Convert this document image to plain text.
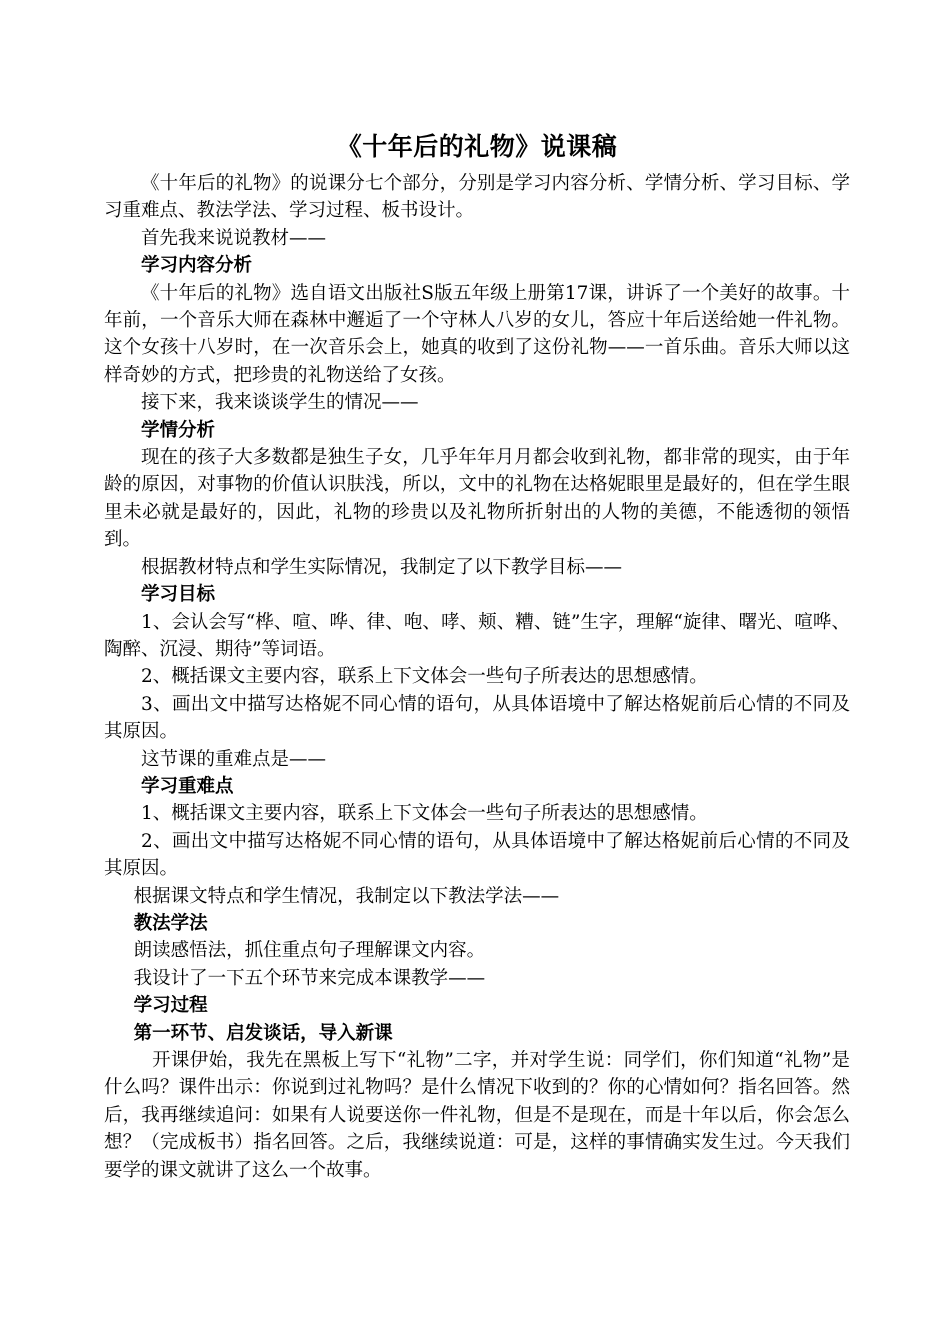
《十年后的礼物》说课稿

《十年后的礼物》的说课分七个部分，分别是学习内容分析、学情分析、学习目标、学习重难点、教法学法、学习过程、板书设计。

首先我来说说教材——

学习内容分析

《十年后的礼物》选自语文出版社S版五年级上册第17课，讲诉了一个美好的故事。十年前，一个音乐大师在森林中邂逅了一个守林人八岁的女儿，答应十年后送给她一件礼物。这个女孩十八岁时，在一次音乐会上，她真的收到了这份礼物——一首乐曲。音乐大师以这样奇妙的方式，把珍贵的礼物送给了女孩。

接下来，我来谈谈学生的情况——

学情分析

现在的孩子大多数都是独生子女，几乎年年月月都会收到礼物，都非常的现实，由于年龄的原因，对事物的价值认识肤浅，所以，文中的礼物在达格妮眼里是最好的，但在学生眼里未必就是最好的，因此，礼物的珍贵以及礼物所折射出的人物的美德，不能透彻的领悟到。

根据教材特点和学生实际情况，我制定了以下教学目标——

学习目标

1、会认会写“桦、喧、哗、律、咆、哮、颊、糟、链”生字，理解“旋律、曙光、喧哗、陶醉、沉浸、期待”等词语。

2、概括课文主要内容，联系上下文体会一些句子所表达的思想感情。

3、画出文中描写达格妮不同心情的语句，从具体语境中了解达格妮前后心情的不同及其原因。

这节课的重难点是——

学习重难点

1、概括课文主要内容，联系上下文体会一些句子所表达的思想感情。

2、画出文中描写达格妮不同心情的语句，从具体语境中了解达格妮前后心情的不同及其原因。

根据课文特点和学生情况，我制定以下教法学法——

教法学法

朗读感悟法，抓住重点句子理解课文内容。

我设计了一下五个环节来完成本课教学——

学习过程

第一环节、启发谈话，导入新课

开课伊始，我先在黑板上写下“礼物”二字，并对学生说：同学们，你们知道“礼物”是什么吗？课件出示：你说到过礼物吗？是什么情况下收到的？你的心情如何？指名回答。然后，我再继续追问：如果有人说要送你一件礼物，但是不是现在，而是十年以后，你会怎么想？（完成板书）指名回答。之后，我继续说道：可是，这样的事情确实发生过。今天我们要学的课文就讲了这么一个故事。
